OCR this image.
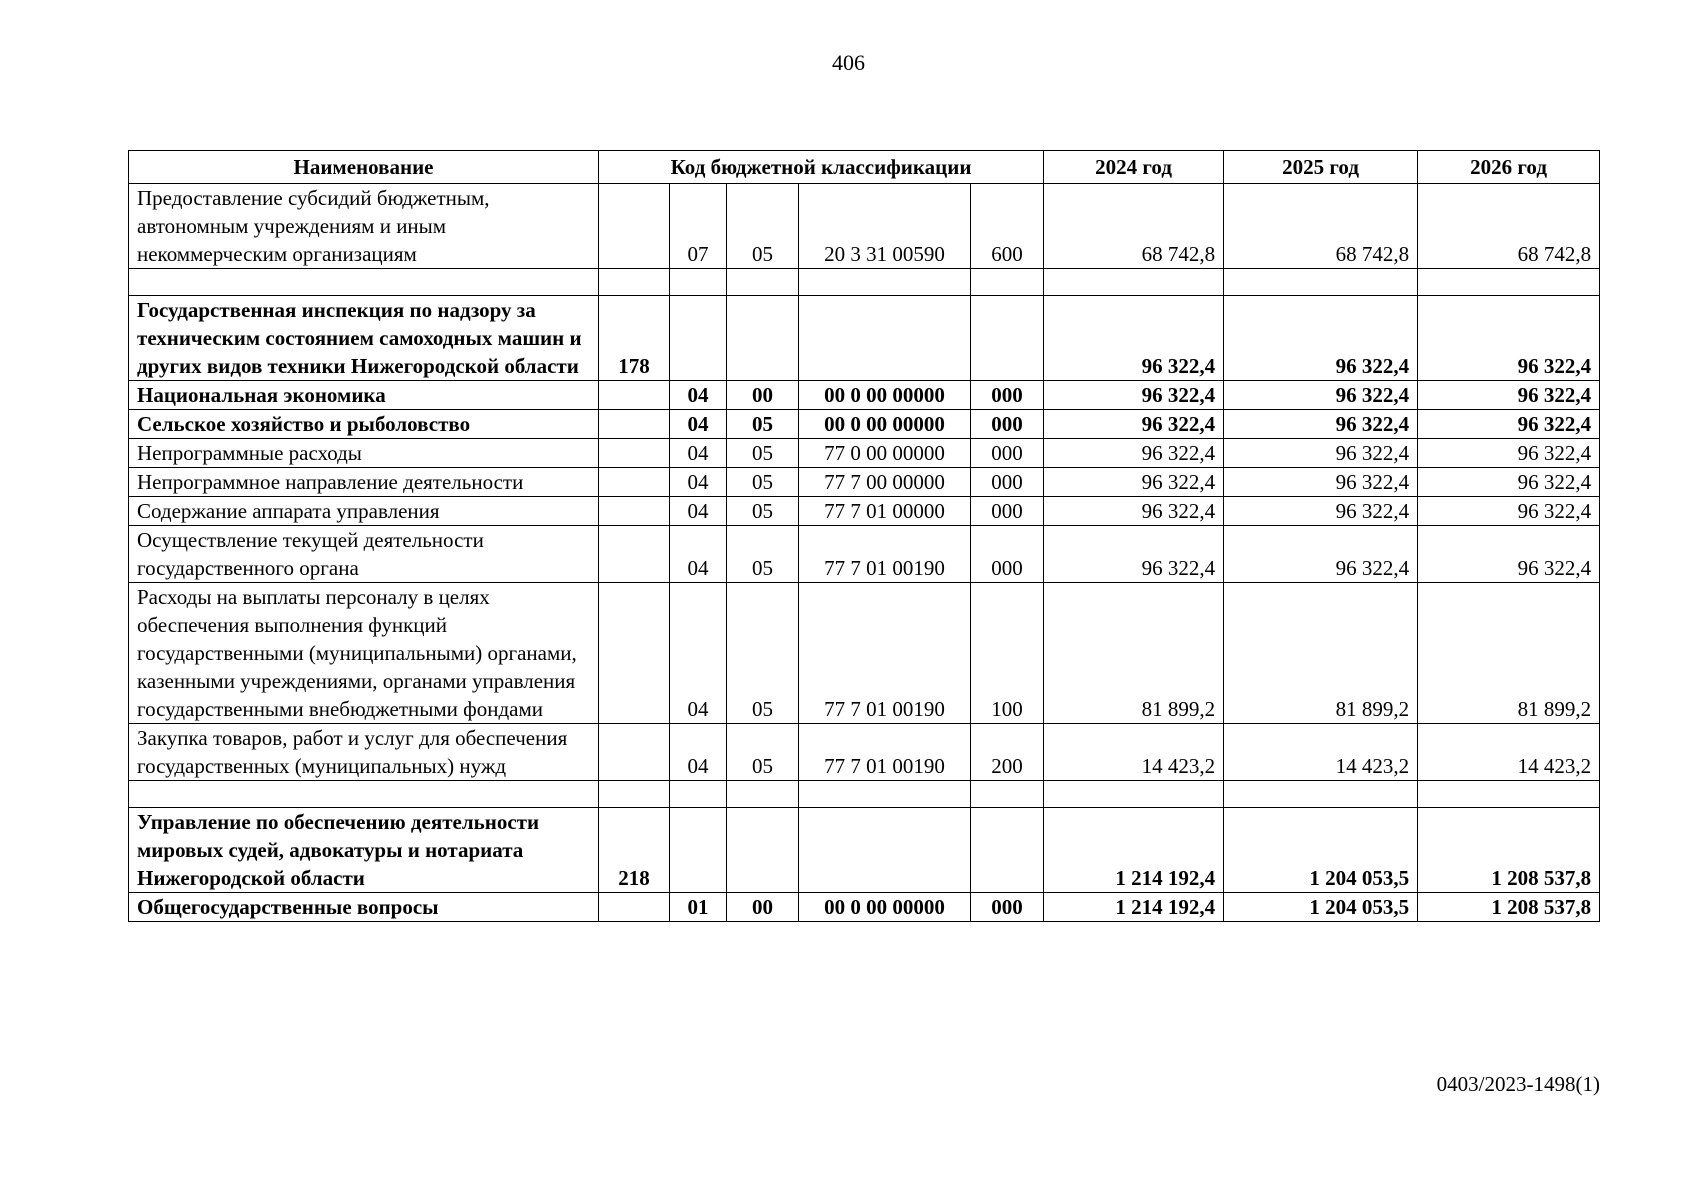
406
Наименование	Код бюджетной классификации					2024 год	2025 год	2026 год
Предоставление субсидий бюджетным, автономным учреждениям и иным некоммерческим организациям		07	05	20 3 31 00590	600	68 742,8	68 742,8	68 742,8

Государственная инспекция по надзору за техническим состоянием самоходных машин и других видов техники Нижегородской области	178					96 322,4	96 322,4	96 322,4
Национальная экономика		04	00	00 0 00 00000	000	96 322,4	96 322,4	96 322,4
Сельское хозяйство и рыболовство		04	05	00 0 00 00000	000	96 322,4	96 322,4	96 322,4
Непрограммные расходы		04	05	77 0 00 00000	000	96 322,4	96 322,4	96 322,4
Непрограммное направление деятельности		04	05	77 7 00 00000	000	96 322,4	96 322,4	96 322,4
Содержание аппарата управления		04	05	77 7 01 00000	000	96 322,4	96 322,4	96 322,4
Осуществление текущей деятельности государственного органа		04	05	77 7 01 00190	000	96 322,4	96 322,4	96 322,4
Расходы на выплаты персоналу в целях обеспечения выполнения функций государственными (муниципальными) органами, казенными учреждениями, органами управления государственными внебюджетными фондами		04	05	77 7 01 00190	100	81 899,2	81 899,2	81 899,2
Закупка товаров, работ и услуг для обеспечения государственных (муниципальных) нужд		04	05	77 7 01 00190	200	14 423,2	14 423,2	14 423,2

Управление по обеспечению деятельности мировых судей, адвокатуры и нотариата Нижегородской области	218					1 214 192,4	1 204 053,5	1 208 537,8
Общегосударственные вопросы		01	00	00 0 00 00000	000	1 214 192,4	1 204 053,5	1 208 537,8
0403/2023-1498(1)
